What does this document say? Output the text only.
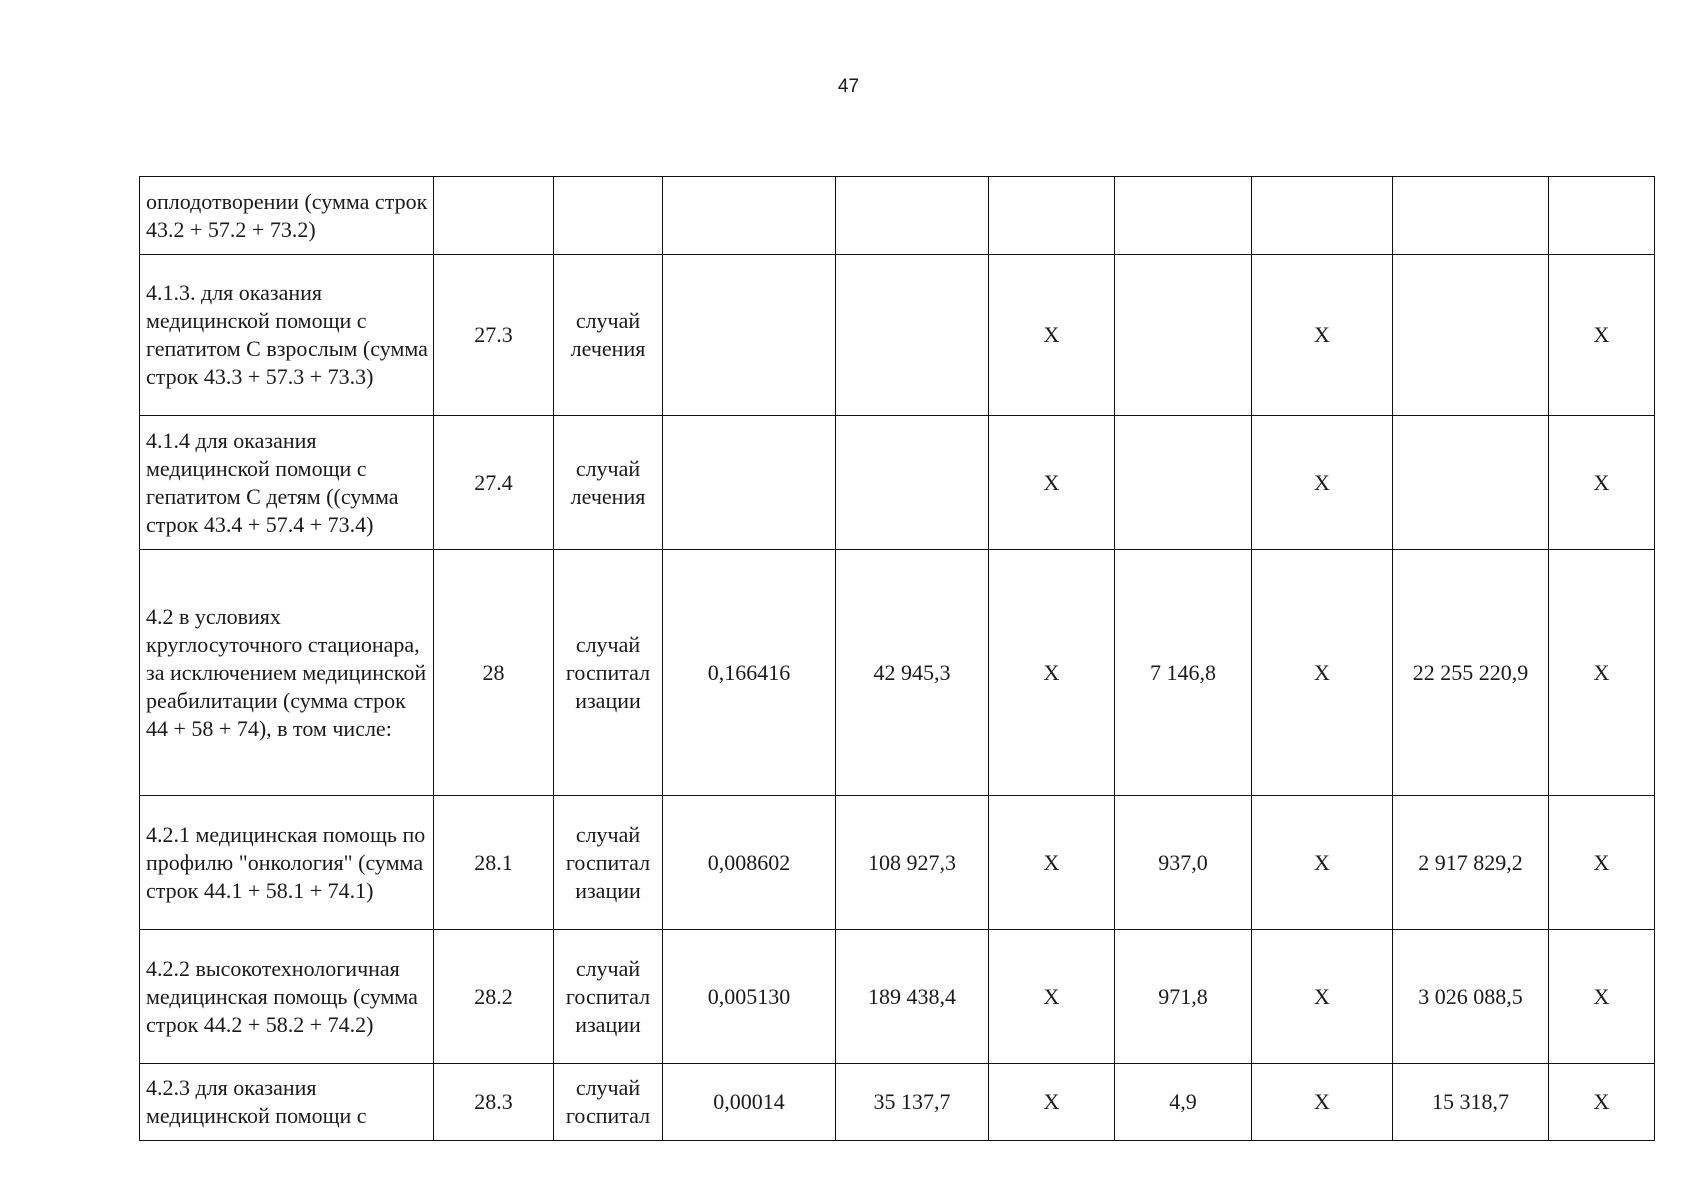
47
оплодотворении (сумма строк 43.2 + 57.2 + 73.2)									
4.1.3. для оказания медицинской помощи с гепатитом С взрослым (сумма строк 43.3 + 57.3 + 73.3)	27.3	случай лечения			X		X		X
4.1.4 для оказания медицинской помощи с гепатитом С детям ((сумма строк 43.4 + 57.4 + 73.4)	27.4	случай лечения			X		X		X
4.2 в условиях круглосуточного стационара, за исключением медицинской реабилитации (сумма строк 44 + 58 + 74), в том числе:	28	случай госпитал изации	0,166416	42 945,3	X	7 146,8	X	22 255 220,9	X
4.2.1 медицинская помощь по профилю "онкология" (сумма строк 44.1 + 58.1 + 74.1)	28.1	случай госпитал изации	0,008602	108 927,3	X	937,0	X	2 917 829,2	X
4.2.2 высокотехнологичная медицинская помощь (сумма строк 44.2 + 58.2 + 74.2)	28.2	случай госпитал изации	0,005130	189 438,4	X	971,8	X	3 026 088,5	X
4.2.3 для оказания медицинской помощи с	28.3	случай госпитал	0,00014	35 137,7	X	4,9	X	15 318,7	X
